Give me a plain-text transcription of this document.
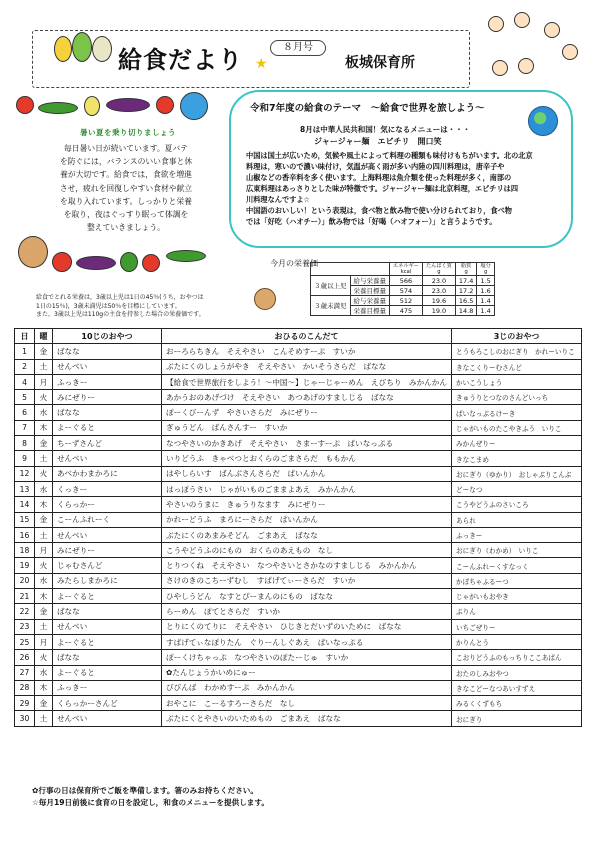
給食だより	８月号
★	板城保育所
暑い夏を乗り切りましょう
毎日暑い日が続いています。夏バテ
を防ぐには，バランスのいい食事と休
養が大切です。給食では，食欲を増進
させ，疲れを回復しやすい食材や献立
を取り入れています。しっかりと栄養
を取り，夜はぐっすり眠って体調を
整えていきましょう。
給食でとれる栄養は，3歳以上児は1日の45％(うち，おやつは
1日の15％)，3歳未満児は50％を目標にしています。
また，3歳以上児は110gの主食を持参した場合の栄養価です。
令和7年度の給食のテーマ　～給食で世界を旅しよう～
8月は中華人民共和国！気になるメニューは・・・
ジャージャー麺　エビチリ　開口笑
中国は国土が広いため，気候や風土によって料理の種類も味付けもちがいます。北の北京
料理は，寒いので濃い味付け，気温が高く雨が多い内陸の四川料理は，唐辛子や
山椒などの香辛料を多く使います。上海料理は魚介類を使った料理が多く，南部の
広東料理はあっさりとした味が特徴です。ジャージャー麺は北京料理，エビチリは四
川料理なんですよ☆
中国語のおいしい！という表現は，食べ物と飲み物で使い分けられており，食べ物
では「好吃（ハオチー）」飲み物では「好喝（ハオフォー）」と言うようです。
今月の栄養価
		エネルギー
kcal	たんぱく質
g	脂質
g	塩分
g
３歳以上児	給与栄養量	566	23.0	17.4	1.5
	栄養目標量	574	23.0	17.2	1.6
３歳未満児	給与栄養量	512	19.6	16.5	1.4
	栄養目標量	475	19.0	14.8	1.4
日	曜	10じのおやつ	おひるのこんだて	3じのおやつ
1	金	ばなな	おーろらちきん　そえやさい　こんそめすーぷ　すいか	とうもろこしのおにぎり　かれーいりこ
2	土	せんべい	ぶたにくのしょうがやき　そえやさい　かいそうさらだ　ばなな	きなこくりーむさんど
4	月	ふっきー	【給食で世界旅行をしよう！～中国～】じゃーじゃーめん　えびちり　みかんかん	かいこうしょう
5	火	みにぜりー	あかうおのあげづけ　そえやさい　あつあげのすましじる　ばなな	きゅうりとつなのさんどいっち
6	水	ばなな	ぽーくびーんず　やさいさらだ　みにぜりー	ぱいなっぷるけーき
7	木	よーぐると	ぎゅうどん　ばんさんすー　すいか	じゃがいものたこやきふう　いりこ
8	金	ちーずさんど	なつやさいのかきあげ　そえやさい　さまーすーぷ　ぱいなっぷる	みかんぜりー
9	土	せんべい	いりどうふ　きゃべつとおくらのごまさらだ　ももかん	きなこまめ
12	火	あべかわまかろに	はやしらいす　ばんぶさんさらだ　ぱいんかん	おにぎり（ゆかり）　おしゃぶりこんぶ
13	水	くっきー	はっぽうさい　じゃがいものごままよあえ　みかんかん	どーなつ
14	木	くらっかー	やさいのうまに　きゅうりなます　みにぜりー	こうやどうふのさいころ
15	金	こーんふれーく	かれーどうふ　まろにーさらだ　ぱいんかん	あられ
16	土	せんべい	ぶたにくのあまみそどん　ごまあえ　ばなな	ふっきー
18	月	みにぜりー	こうやどうふのにもの　おくらのあえもの　なし	おにぎり（わかめ）　いりこ
19	火	じゃむさんど	とりつくね　そえやさい　なつやさいとさかなのすましじる　みかんかん	こーんふれーくすなっく
20	水	みたらしまかろに	さけのきのこちーずむし　すぱげてぃーさらだ　すいか	かぼちゃふるーつ
21	木	よーぐると	ひやしうどん　なすとぴーまんのにもの　ばなな	じゃがいもおやき
22	金	ばなな	らーめん　ぽてとさらだ　すいか	ぷりん
23	土	せんべい	とりにくのてりに　そえやさい　ひじきとだいずのいために　ばなな	いちごぜりー
25	月	よーぐると	すぱげてぃなぽりたん　ぐりーんしぐあえ　ぱいなっぷる	かりんとう
26	火	ばなな	ぽーくけちゃっぷ　なつやさいのぽたーじゅ　すいか	こおりどうふのもっちりここあばん
27	水	よーぐると	✿たんじょうかいめにゅー	おたのしみおやつ
28	木	ふっきー	びびんば　わかめすーぷ　みかんかん	きなこどーなつあいすずえ
29	金	くらっかーさんど	おやこに　こーるすろーさらだ　なし	みるくくずもち
30	土	せんべい	ぶたにくとやさいのいためもの　ごまあえ　ばなな	おにぎり
✿行事の日は保育所でご飯を準備します。箸のみお持ちください。
☆毎月19日前後に食育の日を設定し，和食のメニューを提供します。
